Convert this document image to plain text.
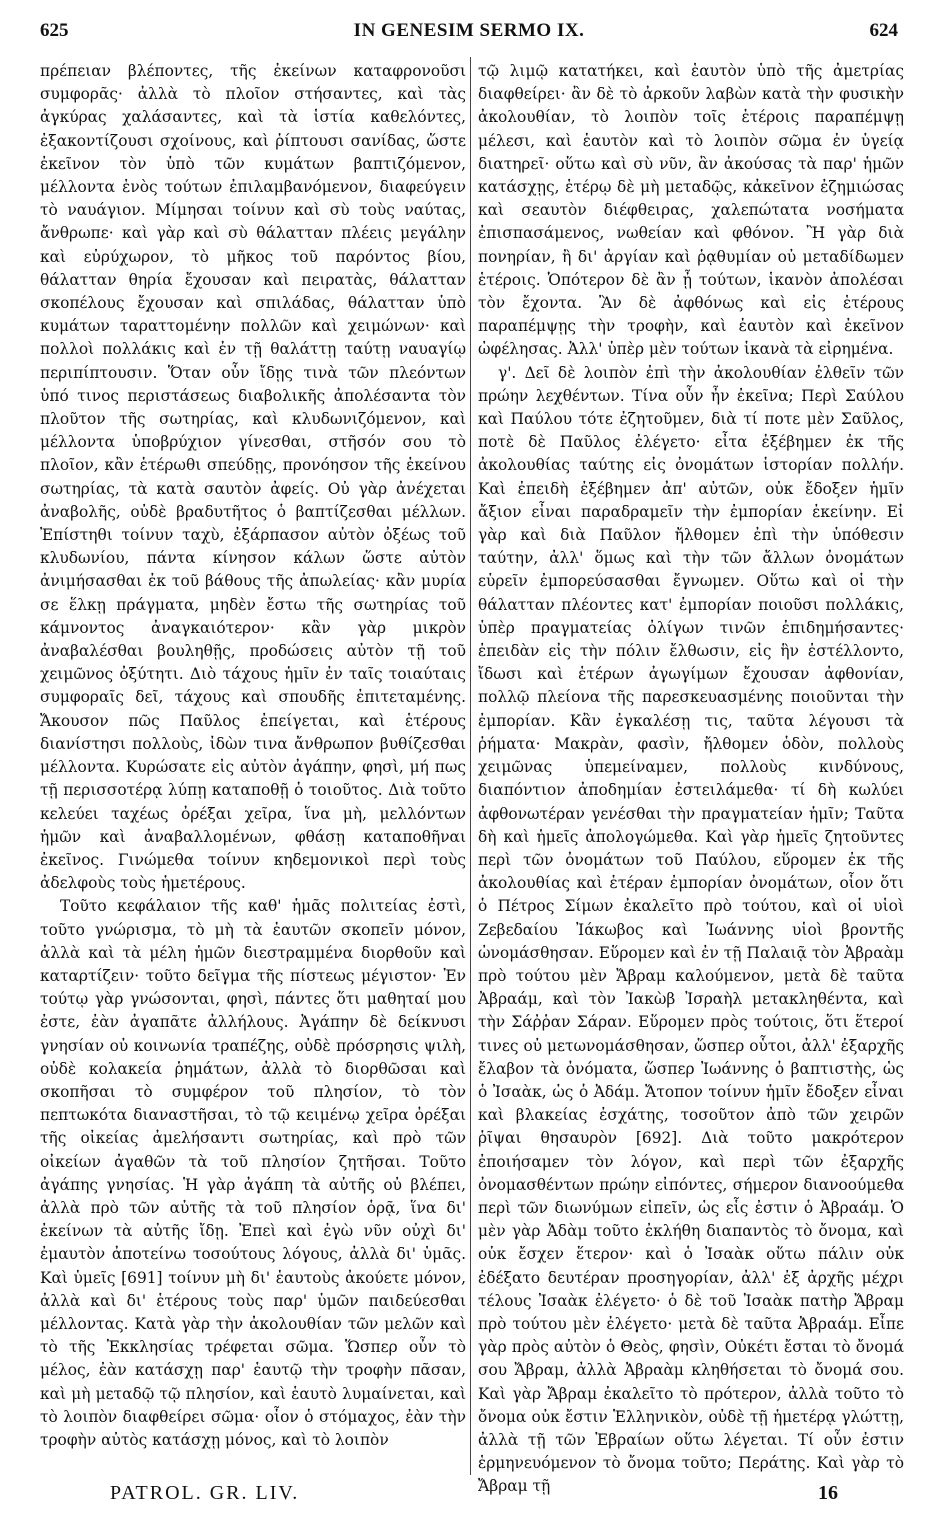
625	IN GENESIM SERMO IX.	624

πρέπειαν βλέποντες, τῆς ἐκείνων καταφρονοῦσι συμφορᾶς· ἀλλὰ τὸ πλοῖον στήσαντες, καὶ τὰς ἀγκύρας χαλάσαντες, καὶ τὰ ἱστία καθελόντες, ἐξακοντίζουσι σχοίνους, καὶ ῥίπτουσι σανίδας, ὥστε ἐκεῖνον τὸν ὑπὸ τῶν κυμάτων βαπτιζόμενον, μέλλοντα ἑνὸς τούτων ἐπιλαμβανόμενον, διαφεύγειν τὸ ναυάγιον. Μίμησαι τοίνυν καὶ σὺ τοὺς ναύτας, ἄνθρωπε· καὶ γὰρ καὶ σὺ θάλατταν πλέεις μεγάλην καὶ εὐρύχωρον, τὸ μῆκος τοῦ παρόντος βίου, θάλατταν θηρία ἔχουσαν καὶ πειρατὰς, θάλατταν σκοπέλους ἔχουσαν καὶ σπιλάδας, θάλατταν ὑπὸ κυμάτων ταραττομένην πολλῶν καὶ χειμώνων· καὶ πολλοὶ πολλάκις καὶ ἐν τῇ θαλάττῃ ταύτῃ ναυαγίῳ περιπίπτουσιν. Ὅταν οὖν ἴδῃς τινὰ τῶν πλεόντων ὑπό τινος περιστάσεως διαβολικῆς ἀπολέσαντα τὸν πλοῦτον τῆς σωτηρίας, καὶ κλυδωνιζόμενον, καὶ μέλλοντα ὑποβρύχιον γίνεσθαι, στῆσόν σου τὸ πλοῖον, κἂν ἑτέρωθι σπεύδῃς, προνόησον τῆς ἐκείνου σωτηρίας, τὰ κατὰ σαυτὸν ἀφείς. Οὐ γὰρ ἀνέχεται ἀναβολῆς, οὐδὲ βραδυτῆτος ὁ βαπτίζεσθαι μέλλων. Ἐπίστηθι τοίνυν ταχὺ, ἐξάρπασον αὐτὸν ὀξέως τοῦ κλυδωνίου, πάντα κίνησον κάλων ὥστε αὐτὸν ἀνιμήσασθαι ἐκ τοῦ βάθους τῆς ἀπωλείας· κἂν μυρία σε ἕλκῃ πράγματα, μηδὲν ἔστω τῆς σωτηρίας τοῦ κάμνοντος ἀναγκαιότερον· κἂν γὰρ μικρὸν ἀναβαλέσθαι βουληθῇς, προδώσεις αὐτὸν τῇ τοῦ χειμῶνος ὀξύτητι. Διὸ τάχους ἡμῖν ἐν ταῖς τοιαύταις συμφοραῖς δεῖ, τάχους καὶ σπουδῆς ἐπιτεταμένης. Ἄκουσον πῶς Παῦλος ἐπείγεται, καὶ ἑτέρους διανίστησι πολλοὺς, ἰδὼν τινα ἄνθρωπον βυθίζεσθαι μέλλοντα. Κυρώσατε εἰς αὐτὸν ἀγάπην, φησὶ, μή πως τῇ περισσοτέρᾳ λύπῃ καταποθῇ ὁ τοιοῦτος. Διὰ τοῦτο κελεύει ταχέως ὀρέξαι χεῖρα, ἵνα μὴ, μελλόντων ἡμῶν καὶ ἀναβαλλομένων, φθάσῃ καταποθῆναι ἐκεῖνος. Γινώμεθα τοίνυν κηδεμονικοὶ περὶ τοὺς ἀδελφοὺς τοὺς ἡμετέρους.

Τοῦτο κεφάλαιον τῆς καθ' ἡμᾶς πολιτείας ἐστὶ, τοῦτο γνώρισμα, τὸ μὴ τὰ ἑαυτῶν σκοπεῖν μόνον, ἀλλὰ καὶ τὰ μέλη ἡμῶν διεστραμμένα διορθοῦν καὶ καταρτίζειν· τοῦτο δεῖγμα τῆς πίστεως μέγιστον· Ἐν τούτῳ γὰρ γνώσονται, φησὶ, πάντες ὅτι μαθηταί μου ἐστε, ἐὰν ἀγαπᾶτε ἀλλήλους. Ἀγάπην δὲ δείκνυσι γνησίαν οὐ κοινωνία τραπέζης, οὐδὲ πρόσρησις ψιλὴ, οὐδὲ κολακεία ῥημάτων, ἀλλὰ τὸ διορθῶσαι καὶ σκοπῆσαι τὸ συμφέρον τοῦ πλησίον, τὸ τὸν πεπτωκότα διαναστῆσαι, τὸ τῷ κειμένῳ χεῖρα ὀρέξαι τῆς οἰκείας ἀμελήσαντι σωτηρίας, καὶ πρὸ τῶν οἰκείων ἀγαθῶν τὰ τοῦ πλησίον ζητῆσαι. Τοῦτο ἀγάπης γνησίας. Ἡ γὰρ ἀγάπη τὰ αὐτῆς οὐ βλέπει, ἀλλὰ πρὸ τῶν αὐτῆς τὰ τοῦ πλησίον ὁρᾷ, ἵνα δι' ἐκείνων τὰ αὐτῆς ἴδῃ. Ἐπεὶ καὶ ἐγὼ νῦν οὐχὶ δι' ἐμαυτὸν ἀποτείνω τοσούτους λόγους, ἀλλὰ δι' ὑμᾶς. Καὶ ὑμεῖς [691] τοίνυν μὴ δι' ἑαυτοὺς ἀκούετε μόνον, ἀλλὰ καὶ δι' ἑτέρους τοὺς παρ' ὑμῶν παιδεύεσθαι μέλλοντας. Κατὰ γὰρ τὴν ἀκολουθίαν τῶν μελῶν καὶ τὸ τῆς Ἐκκλησίας τρέφεται σῶμα. Ὥσπερ οὖν τὸ μέλος, ἐὰν κατάσχῃ παρ' ἑαυτῷ τὴν τροφὴν πᾶσαν, καὶ μὴ μεταδῷ τῷ πλησίον, καὶ ἑαυτὸ λυμαίνεται, καὶ τὸ λοιπὸν διαφθείρει σῶμα· οἷον ὁ στόμαχος, ἐὰν τὴν τροφὴν αὐτὸς κατάσχῃ μόνος, καὶ τὸ λοιπὸν

τῷ λιμῷ κατατήκει, καὶ ἑαυτὸν ὑπὸ τῆς ἀμετρίας διαφθείρει· ἂν δὲ τὸ ἀρκοῦν λαβὼν κατὰ τὴν φυσικὴν ἀκολουθίαν, τὸ λοιπὸν τοῖς ἑτέροις παραπέμψῃ μέλεσι, καὶ ἑαυτὸν καὶ τὸ λοιπὸν σῶμα ἐν ὑγείᾳ διατηρεῖ· οὕτω καὶ σὺ νῦν, ἂν ἀκούσας τὰ παρ' ἡμῶν κατάσχῃς, ἑτέρῳ δὲ μὴ μεταδῷς, κἀκεῖνον ἐζημιώσας καὶ σεαυτὸν διέφθειρας, χαλεπώτατα νοσήματα ἐπισπασάμενος, νωθείαν καὶ φθόνον. Ἢ γὰρ διὰ πονηρίαν, ἢ δι' ἀργίαν καὶ ῥᾳθυμίαν οὐ μεταδίδωμεν ἑτέροις. Ὁπότερον δὲ ἂν ᾖ τούτων, ἱκανὸν ἀπολέσαι τὸν ἔχοντα. Ἂν δὲ ἀφθόνως καὶ εἰς ἑτέρους παραπέμψῃς τὴν τροφὴν, καὶ ἑαυτὸν καὶ ἐκεῖνον ὠφέλησας. Ἀλλ' ὑπὲρ μὲν τούτων ἱκανὰ τὰ εἰρημένα.

γ'. Δεῖ δὲ λοιπὸν ἐπὶ τὴν ἀκολουθίαν ἐλθεῖν τῶν πρώην λεχθέντων. Τίνα οὖν ἦν ἐκεῖνα; Περὶ Σαύλου καὶ Παύλου τότε ἐζητοῦμεν, διὰ τί ποτε μὲν Σαῦλος, ποτὲ δὲ Παῦλος ἐλέγετο· εἶτα ἐξέβημεν ἐκ τῆς ἀκολουθίας ταύτης εἰς ὀνομάτων ἱστορίαν πολλήν. Καὶ ἐπειδὴ ἐξέβημεν ἀπ' αὐτῶν, οὐκ ἔδοξεν ἡμῖν ἄξιον εἶναι παραδραμεῖν τὴν ἐμπορίαν ἐκείνην. Εἰ γὰρ καὶ διὰ Παῦλον ἤλθομεν ἐπὶ τὴν ὑπόθεσιν ταύτην, ἀλλ' ὅμως καὶ τὴν τῶν ἄλλων ὀνομάτων εὑρεῖν ἐμπορεύσασθαι ἔγνωμεν. Οὕτω καὶ οἱ τὴν θάλατταν πλέοντες κατ' ἐμπορίαν ποιοῦσι πολλάκις, ὑπὲρ πραγματείας ὀλίγων τινῶν ἐπιδημήσαντες· ἐπειδὰν εἰς τὴν πόλιν ἔλθωσιν, εἰς ἣν ἐστέλλοντο, ἴδωσι καὶ ἑτέρων ἀγωγίμων ἔχουσαν ἀφθονίαν, πολλῷ πλείονα τῆς παρεσκευασμένης ποιοῦνται τὴν ἐμπορίαν. Κἂν ἐγκαλέσῃ τις, ταῦτα λέγουσι τὰ ῥήματα· Μακρὰν, φασὶν, ἤλθομεν ὁδὸν, πολλοὺς χειμῶνας ὑπεμείναμεν, πολλοὺς κινδύνους, διαπόντιον ἀποδημίαν ἐστειλάμεθα· τί δὴ κωλύει ἀφθονωτέραν γενέσθαι τὴν πραγματείαν ἡμῖν; Ταῦτα δὴ καὶ ἡμεῖς ἀπολογώμεθα. Καὶ γὰρ ἡμεῖς ζητοῦντες περὶ τῶν ὀνομάτων τοῦ Παύλου, εὕρομεν ἐκ τῆς ἀκολουθίας καὶ ἑτέραν ἐμπορίαν ὀνομάτων, οἷον ὅτι ὁ Πέτρος Σίμων ἐκαλεῖτο πρὸ τούτου, καὶ οἱ υἱοὶ Ζεβεδαίου Ἰάκωβος καὶ Ἰωάννης υἱοὶ βροντῆς ὠνομάσθησαν. Εὕρομεν καὶ ἐν τῇ Παλαιᾷ τὸν Ἀβραὰμ πρὸ τούτου μὲν Ἄβραμ καλούμενον, μετὰ δὲ ταῦτα Ἀβραάμ, καὶ τὸν Ἰακὼβ Ἰσραὴλ μετακληθέντα, καὶ τὴν Σάῤῥαν Σάραν. Εὕρομεν πρὸς τούτοις, ὅτι ἕτεροί τινες οὐ μετωνομάσθησαν, ὥσπερ οὗτοι, ἀλλ' ἐξαρχῆς ἔλαβον τὰ ὀνόματα, ὥσπερ Ἰωάννης ὁ βαπτιστὴς, ὡς ὁ Ἰσαὰκ, ὡς ὁ Ἀδάμ. Ἄτοπον τοίνυν ἡμῖν ἔδοξεν εἶναι καὶ βλακείας ἐσχάτης, τοσοῦτον ἀπὸ τῶν χειρῶν ῥῖψαι θησαυρὸν [692]. Διὰ τοῦτο μακρότερον ἐποιήσαμεν τὸν λόγον, καὶ περὶ τῶν ἐξαρχῆς ὀνομασθέντων πρώην εἰπόντες, σήμερον διανοούμεθα περὶ τῶν διωνύμων εἰπεῖν, ὡς εἷς ἐστιν ὁ Ἀβραάμ. Ὁ μὲν γὰρ Ἀδὰμ τοῦτο ἐκλήθη διαπαντὸς τὸ ὄνομα, καὶ οὐκ ἔσχεν ἕτερον· καὶ ὁ Ἰσαὰκ οὕτω πάλιν οὐκ ἐδέξατο δευτέραν προσηγορίαν, ἀλλ' ἐξ ἀρχῆς μέχρι τέλους Ἰσαὰκ ἐλέγετο· ὁ δὲ τοῦ Ἰσαὰκ πατὴρ Ἄβραμ πρὸ τούτου μὲν ἐλέγετο· μετὰ δὲ ταῦτα Ἀβραάμ. Εἶπε γὰρ πρὸς αὐτὸν ὁ Θεὸς, φησὶν, Οὐκέτι ἔσται τὸ ὄνομά σου Ἄβραμ, ἀλλὰ Ἀβραὰμ κληθήσεται τὸ ὄνομά σου. Καὶ γὰρ Ἄβραμ ἐκαλεῖτο τὸ πρότερον, ἀλλὰ τοῦτο τὸ ὄνομα οὐκ ἔστιν Ἑλληνικὸν, οὐδὲ τῇ ἡμετέρᾳ γλώττῃ, ἀλλὰ τῇ τῶν Ἑβραίων οὕτω λέγεται. Τί οὖν ἐστιν ἑρμηνευόμενον τὸ ὄνομα τοῦτο; Περάτης. Καὶ γὰρ τὸ Ἄβραμ τῇ

PATROL. GR. LIV.	16
